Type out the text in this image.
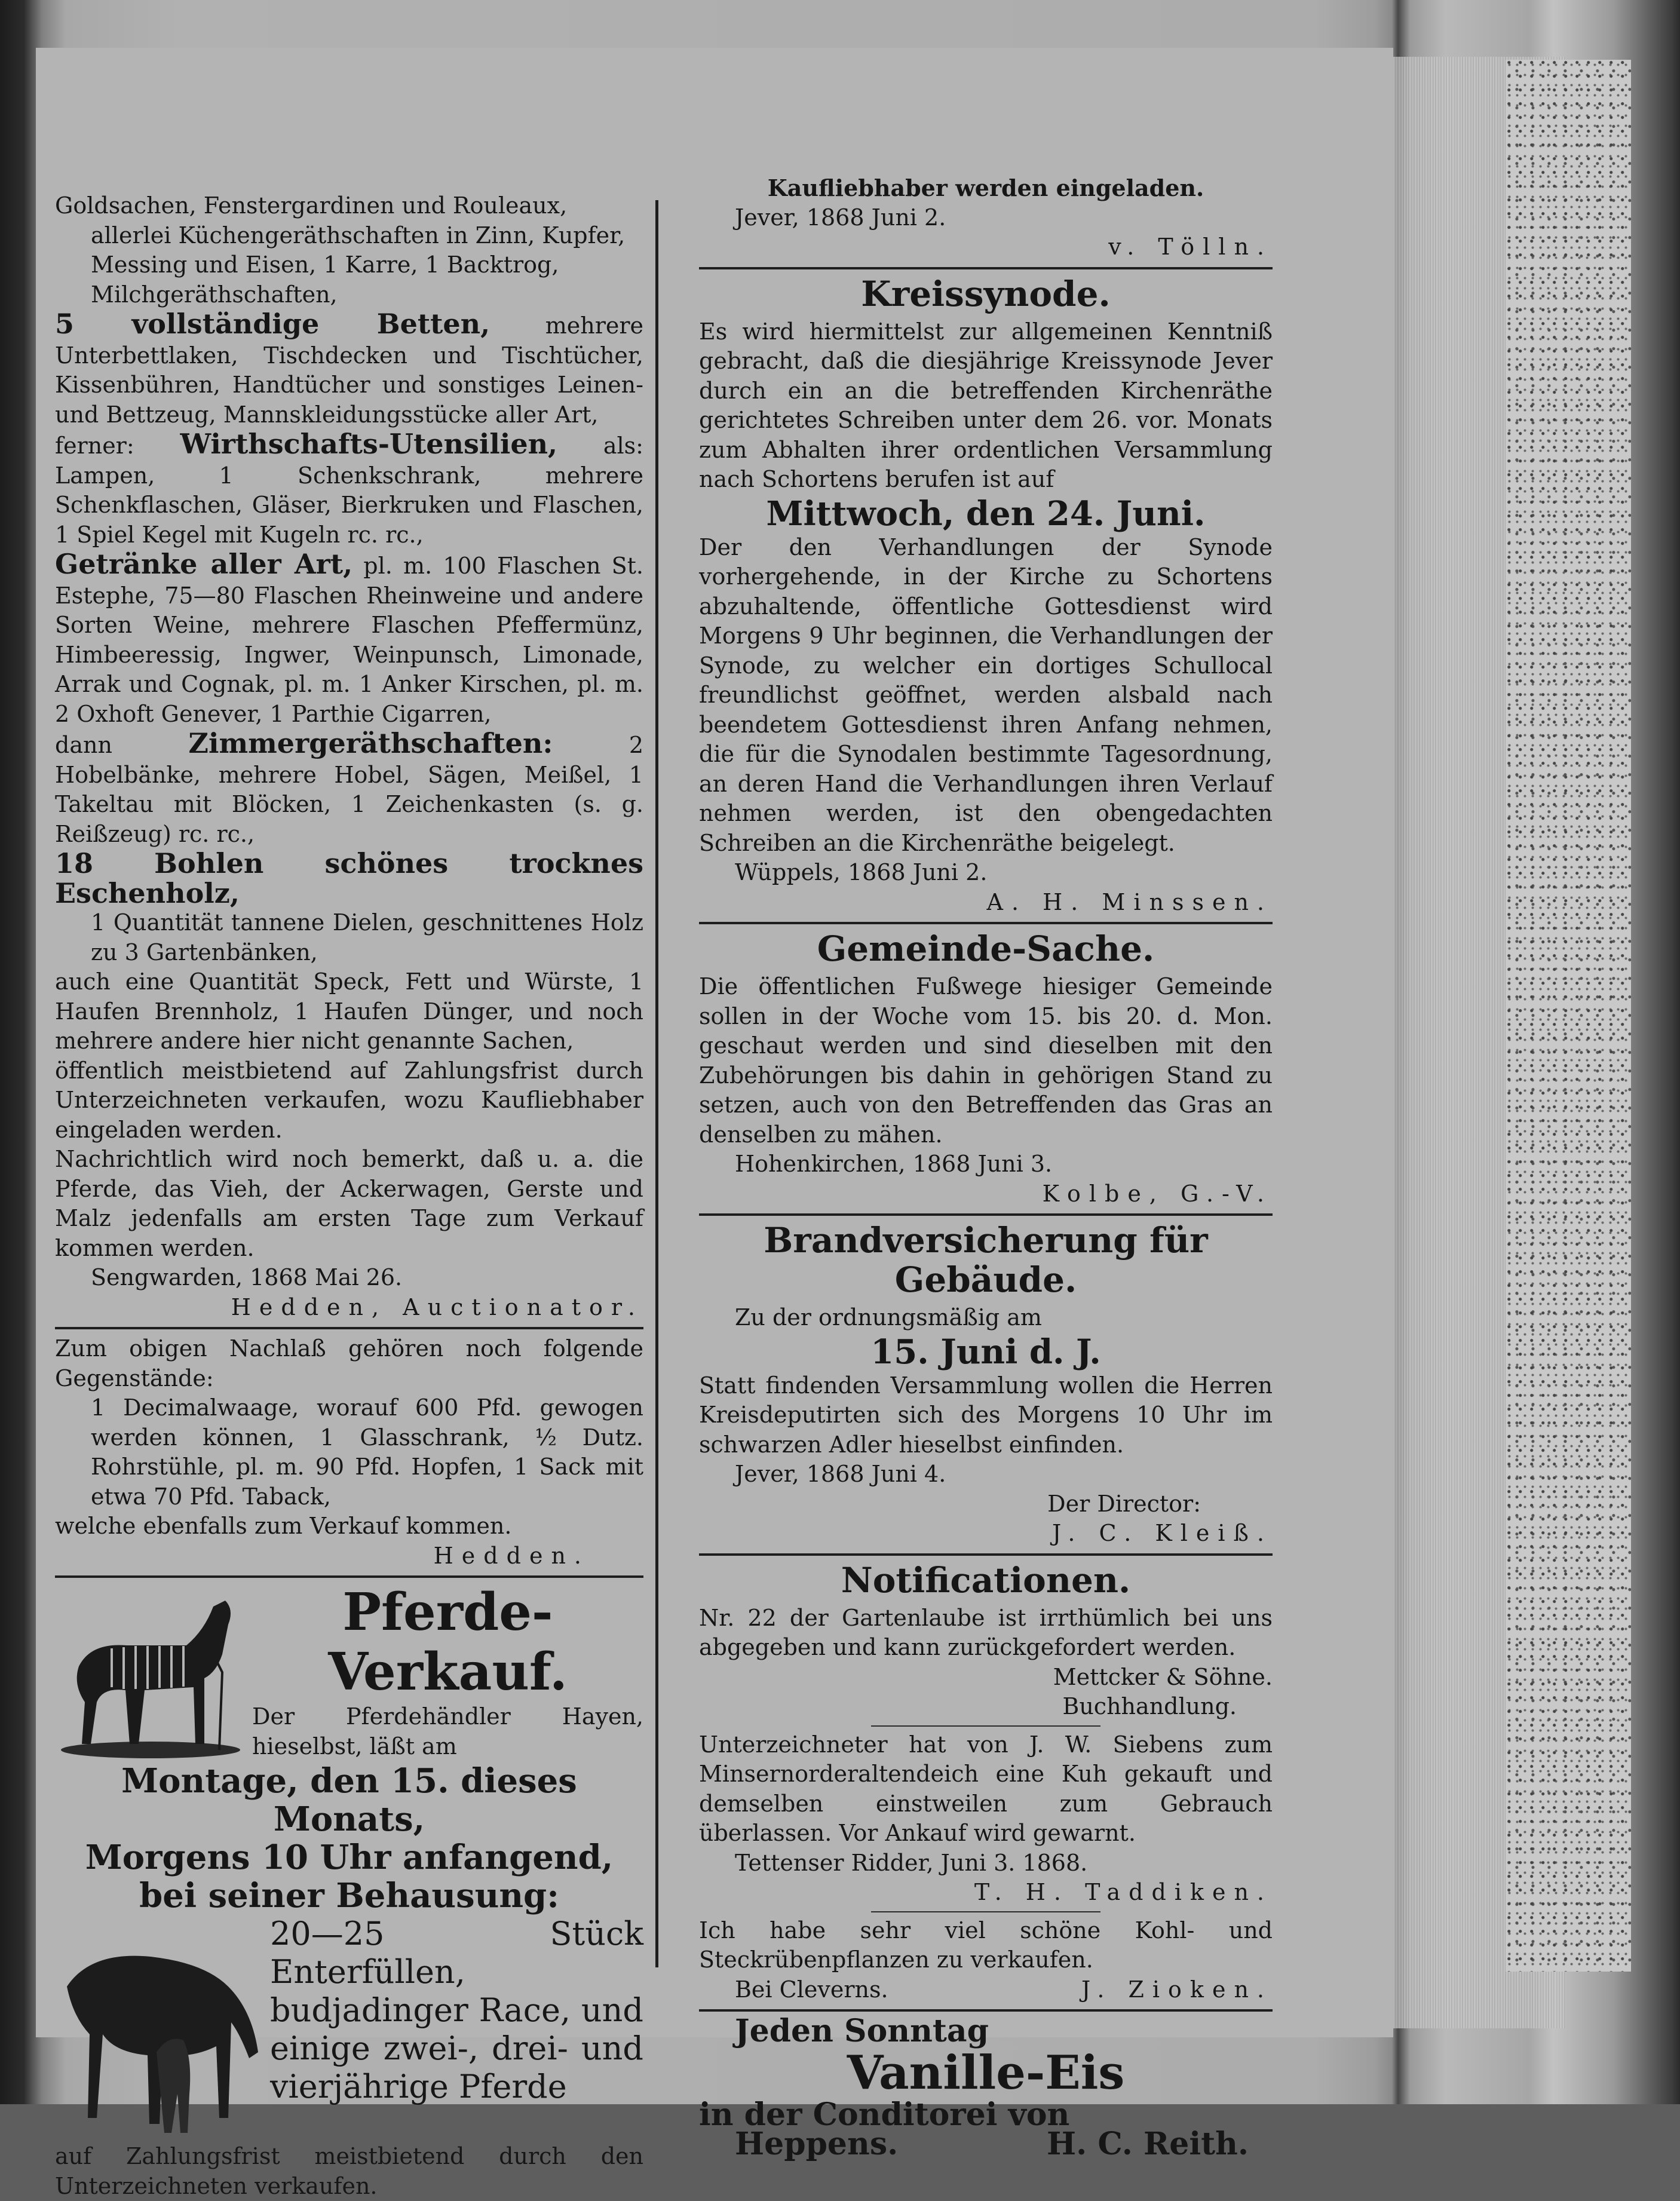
Goldsachen, Fenstergardinen und Rouleaux,
allerlei Küchengeräthschaften in Zinn, Kupfer,
Messing und Eisen, 1 Karre, 1 Backtrog,
Milchgeräthschaften,
5 vollständige Betten, mehrere Unterbettlaken, Tischdecken und Tischtücher, Kissenbühren, Handtücher und sonstiges Leinen- und Bettzeug, Mannskleidungsstücke aller Art,
ferner: Wirthschafts-Utensilien, als: Lampen, 1 Schenkschrank, mehrere Schenkflaschen, Gläser, Bierkruken und Flaschen, 1 Spiel Kegel mit Kugeln rc. rc.,
Getränke aller Art, pl. m. 100 Flaschen St. Estephe, 75—80 Flaschen Rheinweine und andere Sorten Weine, mehrere Flaschen Pfeffermünz, Himbeeressig, Ingwer, Weinpunsch, Limonade, Arrak und Cognak, pl. m. 1 Anker Kirschen, pl. m. 2 Oxhoft Genever, 1 Parthie Cigarren,
dann	Zimmergeräthschaften: 2 Hobelbänke, mehrere Hobel, Sägen, Meißel, 1 Takeltau mit Blöcken, 1 Zeichenkasten (s. g. Reißzeug) rc. rc.,
18 Bohlen schönes trocknes Eschenholz,
1 Quantität tannene Dielen, geschnittenes Holz zu 3 Gartenbänken,
auch eine Quantität Speck, Fett und Würste, 1 Haufen Brennholz, 1 Haufen Dünger, und noch mehrere andere hier nicht genannte Sachen,
öffentlich meistbietend auf Zahlungsfrist durch Unterzeichneten verkaufen, wozu Kaufliebhaber eingeladen werden.
Nachrichtlich wird noch bemerkt, daß u. a. die Pferde, das Vieh, der Ackerwagen, Gerste und Malz jedenfalls am ersten Tage zum Verkauf kommen werden.
Sengwarden, 1868 Mai 26.
Hedden, Auctionator.
Zum obigen Nachlaß gehören noch folgende Gegenstände:
1 Decimalwaage, worauf 600 Pfd. gewogen werden können, 1 Glasschrank, ½ Dutz. Rohrstühle, pl. m. 90 Pfd. Hopfen, 1 Sack mit etwa 70 Pfd. Taback,
welche ebenfalls zum Verkauf kommen.
Hedden.
Pferde-
Verkauf.
Der Pferdehändler Hayen, hieselbst, läßt am
Montage, den 15. dieses Monats,
Morgens 10 Uhr anfangend,
bei seiner Behausung:
20—25 Stück Enterfüllen, budjadinger Race, und einige zwei-, drei- und vierjährige Pferde
auf Zahlungsfrist meistbietend durch den Unterzeichneten verkaufen.
Kaufliebhaber werden eingeladen.
Jever, 1868 Juni 2.
v. Tölln.
Kreissynode.
Es wird hiermittelst zur allgemeinen Kenntniß gebracht, daß die diesjährige Kreissynode Jever durch ein an die betreffenden Kirchenräthe gerichtetes Schreiben unter dem 26. vor. Monats zum Abhalten ihrer ordentlichen Versammlung nach Schortens berufen ist auf
Mittwoch, den 24. Juni.
Der den Verhandlungen der Synode vorhergehende, in der Kirche zu Schortens abzuhaltende, öffentliche Gottesdienst wird Morgens 9 Uhr beginnen, die Verhandlungen der Synode, zu welcher ein dortiges Schullocal freundlichst geöffnet, werden alsbald nach beendetem Gottesdienst ihren Anfang nehmen, die für die Synodalen bestimmte Tagesordnung, an deren Hand die Verhandlungen ihren Verlauf nehmen werden, ist den obengedachten Schreiben an die Kirchenräthe beigelegt.
Wüppels, 1868 Juni 2.
A. H. Minssen.
Gemeinde-Sache.
Die öffentlichen Fußwege hiesiger Gemeinde sollen in der Woche vom 15. bis 20. d. Mon. geschaut werden und sind dieselben mit den Zubehörungen bis dahin in gehörigen Stand zu setzen, auch von den Betreffenden das Gras an denselben zu mähen.
Hohenkirchen, 1868 Juni 3.
Kolbe, G.-V.
Brandversicherung für Gebäude.
Zu der ordnungsmäßig am
15. Juni d. J.
Statt findenden Versammlung wollen die Herren Kreisdeputirten sich des Morgens 10 Uhr im schwarzen Adler hieselbst einfinden.
Jever, 1868 Juni 4.
Der Director:
J. C. Kleiß.
Notificationen.
Nr. 22 der Gartenlaube ist irrthümlich bei uns abgegeben und kann zurückgefordert werden.
Mettcker & Söhne.
Buchhandlung.
Unterzeichneter hat von J. W. Siebens zum Minsernorderaltendeich eine Kuh gekauft und demselben einstweilen zum Gebrauch überlassen. Vor Ankauf wird gewarnt.
Tettenser Ridder, Juni 3. 1868.
T. H. Taddiken.
Ich habe sehr viel schöne Kohl- und Steckrübenpflanzen zu verkaufen.
Bei Cleverns.	J. Zioken.
Jeden Sonntag
Vanille-Eis
in der Conditorei von
Heppens.	H. C. Reith.
